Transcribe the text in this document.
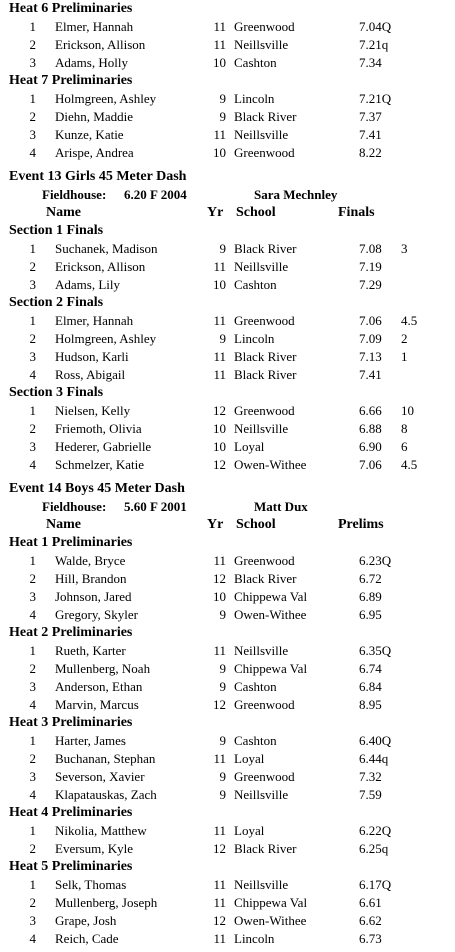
Heat 6 Preliminaries
1 Elmer, Hannah	11 Greenwood	7.04Q
2 Erickson, Allison	11 Neillsville	7.21q
3 Adams, Holly	10 Cashton	7.34
Heat 7 Preliminaries
1 Holmgreen, Ashley	9 Lincoln	7.21Q
2 Diehn, Maddie	9 Black River	7.37
3 Kunze, Katie	11 Neillsville	7.41
4 Arispe, Andrea	10 Greenwood	8.22
Event 13 Girls 45 Meter Dash
Fieldhouse: 6.20 F 2004	Sara Mechnley
Name	Yr School	Finals
Section 1 Finals
1 Suchanek, Madison	9 Black River	7.08 3
2 Erickson, Allison	11 Neillsville	7.19
3 Adams, Lily	10 Cashton	7.29
Section 2 Finals
1 Elmer, Hannah	11 Greenwood	7.06 4.5
2 Holmgreen, Ashley	9 Lincoln	7.09 2
3 Hudson, Karli	11 Black River	7.13 1
4 Ross, Abigail	11 Black River	7.41
Section 3 Finals
1 Nielsen, Kelly	12 Greenwood	6.66 10
2 Friemoth, Olivia	10 Neillsville	6.88 8
3 Hederer, Gabrielle	10 Loyal	6.90 6
4 Schmelzer, Katie	12 Owen-Withee	7.06 4.5
Event 14 Boys 45 Meter Dash
Fieldhouse: 5.60 F 2001	Matt Dux
Name	Yr School	Prelims
Heat 1 Preliminaries
1 Walde, Bryce	11 Greenwood	6.23Q
2 Hill, Brandon	12 Black River	6.72
3 Johnson, Jared	10 Chippewa Val	6.89
4 Gregory, Skyler	9 Owen-Withee	6.95
Heat 2 Preliminaries
1 Rueth, Karter	11 Neillsville	6.35Q
2 Mullenberg, Noah	9 Chippewa Val	6.74
3 Anderson, Ethan	9 Cashton	6.84
4 Marvin, Marcus	12 Greenwood	8.95
Heat 3 Preliminaries
1 Harter, James	9 Cashton	6.40Q
2 Buchanan, Stephan	11 Loyal	6.44q
3 Severson, Xavier	9 Greenwood	7.32
4 Klapatauskas, Zach	9 Neillsville	7.59
Heat 4 Preliminaries
1 Nikolia, Matthew	11 Loyal	6.22Q
2 Eversum, Kyle	12 Black River	6.25q
Heat 5 Preliminaries
1 Selk, Thomas	11 Neillsville	6.17Q
2 Mullenberg, Joseph	11 Chippewa Val	6.61
3 Grape, Josh	12 Owen-Withee	6.62
4 Reich, Cade	11 Lincoln	6.73
